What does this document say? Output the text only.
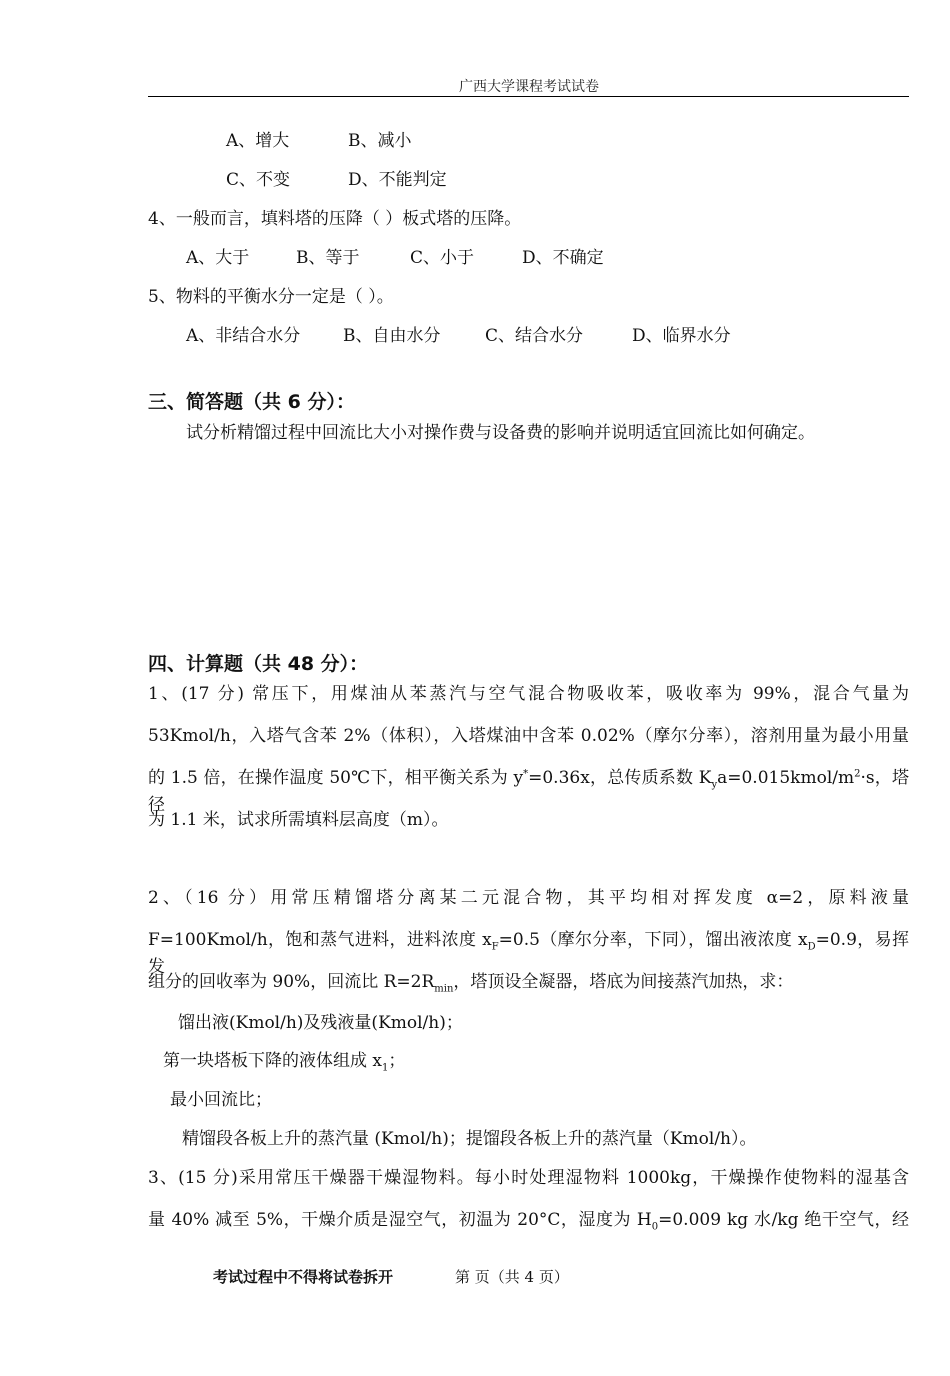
广西大学课程考试试卷
A、增大	B、减小
C、不变	D、不能判定
4、一般而言，填料塔的压降（ ）板式塔的压降。
A、大于	B、等于	C、小于	D、不确定
5、物料的平衡水分一定是（ ）。
A、非结合水分	B、自由水分	C、结合水分	D、临界水分
三、简答题（共 6 分）：
试分析精馏过程中回流比大小对操作费与设备费的影响并说明适宜回流比如何确定。
四、计算题（共 48 分）：
1、(17 分) 常压下，用煤油从苯蒸汽与空气混合物吸收苯，吸收率为 99%，混合气量为
53Kmol/h，入塔气含苯 2%（体积），入塔煤油中含苯 0.02%（摩尔分率），溶剂用量为最小用量
的 1.5 倍，在操作温度 50℃下，相平衡关系为 y*=0.36x，总传质系数 $K_ya=0.015kmol/m^2\cdot s$，塔径
为 1.1 米，试求所需填料层高度（m）。
2、（16 分）用常压精馏塔分离某二元混合物，其平均相对挥发度 α=2，原料液量
F=100Kmol/h，饱和蒸气进料，进料浓度 $x_F=0.5$（摩尔分率，下同），馏出液浓度 $x_D=0.9$，易挥发
组分的回收率为 90%，回流比 $R=2R_{min}$，塔顶设全凝器，塔底为间接蒸汽加热，求：
馏出液(Kmol/h)及残液量(Kmol/h)；
第一块塔板下降的液体组成 $x_1$；
最小回流比；
精馏段各板上升的蒸汽量 (Kmol/h)；提馏段各板上升的蒸汽量（Kmol/h）。
3、(15 分)采用常压干燥器干燥湿物料。每小时处理湿物料 1000kg，干燥操作使物料的湿基含
量 40% 减至 5%，干燥介质是湿空气，初温为 20°C，湿度为 $H_0=0.009$ kg 水/kg 绝干空气，经
考试过程中不得将试卷拆开	第 页（共 4 页）
